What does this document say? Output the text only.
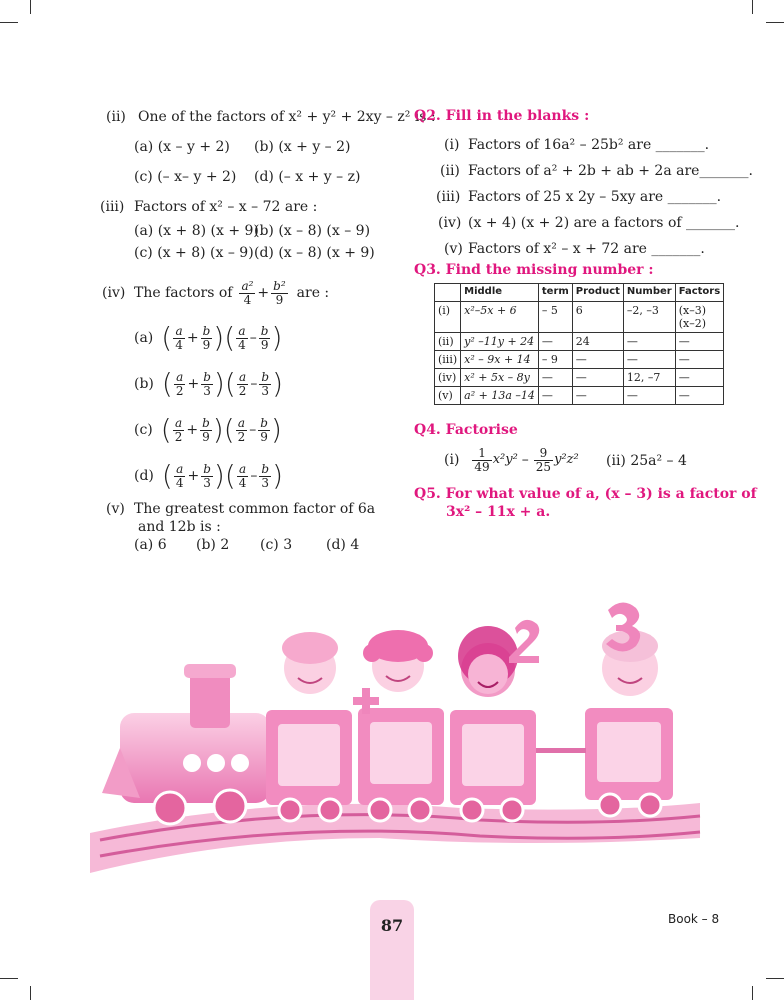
(ii) One of the factors of x² + y² + 2xy – z² is :
(a) (x – y + 2) (b) (x + y – 2)
(c) (– x– y + 2) (d) (– x + y – z)
(iii) Factors of x² – x – 72 are :
(a) (x + 8) (x + 9)
(b) (x – 8) (x – 9)
(c) (x + 8) (x – 9) (d) (x – 8) (x + 9)
(iv) The factors of $\frac{\text{a²}}{4} + \frac{\text{b²}}{9}$ are :
(a) ( $\frac{a}{4} + \frac{b}{9}$ ) ( $\frac{a}{4} - \frac{b}{9}$ )
(b) ( $\frac{a}{2} + \frac{b}{3}$ ) ( $\frac{a}{2} - \frac{b}{3}$ )
(c) ( $\frac{a}{2} + \frac{b}{9}$ ) ( $\frac{a}{2} - \frac{b}{9}$ )
(d) ( $\frac{a}{4} + \frac{b}{3}$ ) ( $\frac{a}{4} - \frac{b}{3}$ )
(v) The greatest common factor of 6a
and 12b is :
(a) 6 (b) 2 (c) 3 (d) 4
Q2. Fill in the blanks :
(i) Factors of 16a² – 25b² are _______.
(ii) Factors of a² + 2b + ab + 2a are_______.
(iii) Factors of 25 x 2y – 5xy are _______.
(iv) (x + 4) (x + 2) are a factors of _______.
(v) Factors of x² – x + 72 are _______.
Q3. Find the missing number :
	Middle	term	Product	Number	Factors
(i)	x²–5x + 6	– 5	6	–2, –3	(x–3) (x–2)
(ii)	y² –11y + 24	—	24	—	—
(iii)	x² – 9x + 14	– 9	—	—	—
(iv)	x² + 5x – 8y	—	—	12, –7	—
(v)	a² + 13a –14	—	—	—	—
Q4. Factorise
$(i) \frac{1}{49} x^2y^2 - \frac{9}{25} y^2z^2$ (ii) 25a² – 4
Q5. For what value of a, (x – 3) is a factor of
3x² – 11x + a.
87	Book – 8
